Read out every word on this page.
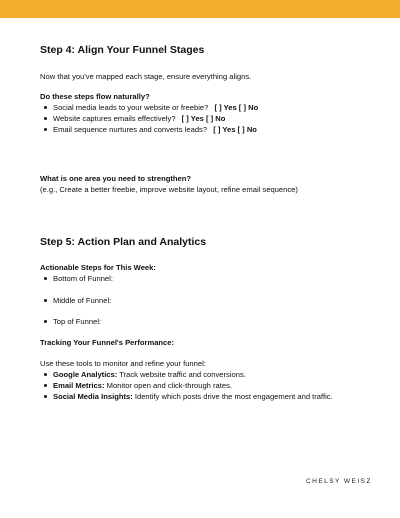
Step 4: Align Your Funnel Stages

Now that you've mapped each stage, ensure everything aligns.

Do these steps flow naturally?

Social media leads to your website or freebie? [ ] Yes [ ] No
Website captures emails effectively? [ ] Yes [ ] No
Email sequence nurtures and converts leads? [ ] Yes [ ] No

What is one area you need to strengthen?

(e.g., Create a better freebie, improve website layout, refine email sequence)

Step 5: Action Plan and Analytics

Actionable Steps for This Week:

Bottom of Funnel:
Middle of Funnel:
Top of Funnel:

Tracking Your Funnel's Performance:

Use these tools to monitor and refine your funnel:

Google Analytics: Track website traffic and conversions.
Email Metrics: Monitor open and click-through rates.
Social Media Insights: Identify which posts drive the most engagement and traffic.
CHELSY WEISZ
